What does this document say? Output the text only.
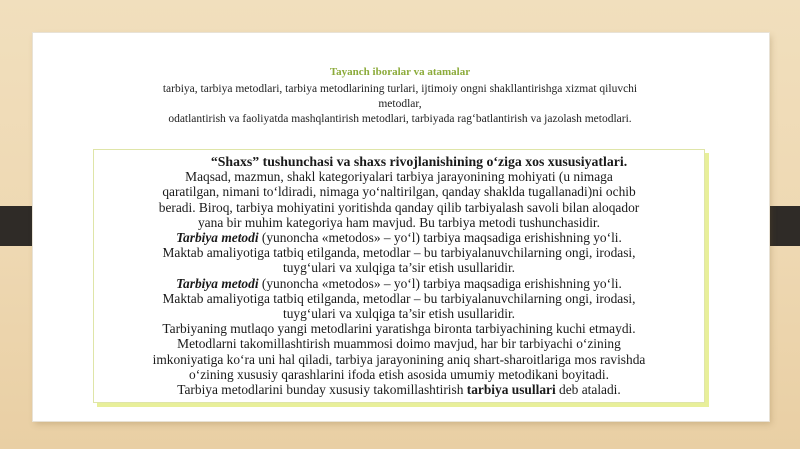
Tayanch iboralar va atamalar
tarbiya, tarbiya metodlari, tarbiya metodlarining turlari, ijtimoiy ongni shakllantirishga xizmat qiluvchi
metodlar,
odatlantirish va faoliyatda mashqlantirish metodlari, tarbiyada rag‘batlantirish va jazolash metodlari.

“Shaxs” tushunchasi va shaxs rivojlanishining o‘ziga xos xususiyatlari.

Maqsad, mazmun, shakl kategoriyalari tarbiya jarayonining mohiyati (u nimaga

qaratilgan, nimani to‘ldiradi, nimaga yo‘naltirilgan, qanday shaklda tugallanadi)ni ochib

beradi. Biroq, tarbiya mohiyatini yoritishda qanday qilib tarbiyalash savoli bilan aloqador

yana bir muhim kategoriya ham mavjud. Bu tarbiya metodi tushunchasidir.

Tarbiya metodi (yunoncha «metodos» – yo‘l) tarbiya maqsadiga erishishning yo‘li.

Maktab amaliyotiga tatbiq etilganda, metodlar – bu tarbiyalanuvchilarning ongi, irodasi,

tuyg‘ulari va xulqiga ta’sir etish usullaridir.

Tarbiya metodi (yunoncha «metodos» – yo‘l) tarbiya maqsadiga erishishning yo‘li.

Maktab amaliyotiga tatbiq etilganda, metodlar – bu tarbiyalanuvchilarning ongi, irodasi,

tuyg‘ulari va xulqiga ta’sir etish usullaridir.

Tarbiyaning mutlaqo yangi metodlarini yaratishga bironta tarbiyachining kuchi etmaydi.

Metodlarni takomillashtirish muammosi doimo mavjud, har bir tarbiyachi o‘zining

imkoniyatiga ko‘ra uni hal qiladi, tarbiya jarayonining aniq shart-sharoitlariga mos ravishda

o‘zining xususiy qarashlarini ifoda etish asosida umumiy metodikani boyitadi.

Tarbiya metodlarini bunday xususiy takomillashtirish tarbiya usullari deb ataladi.
